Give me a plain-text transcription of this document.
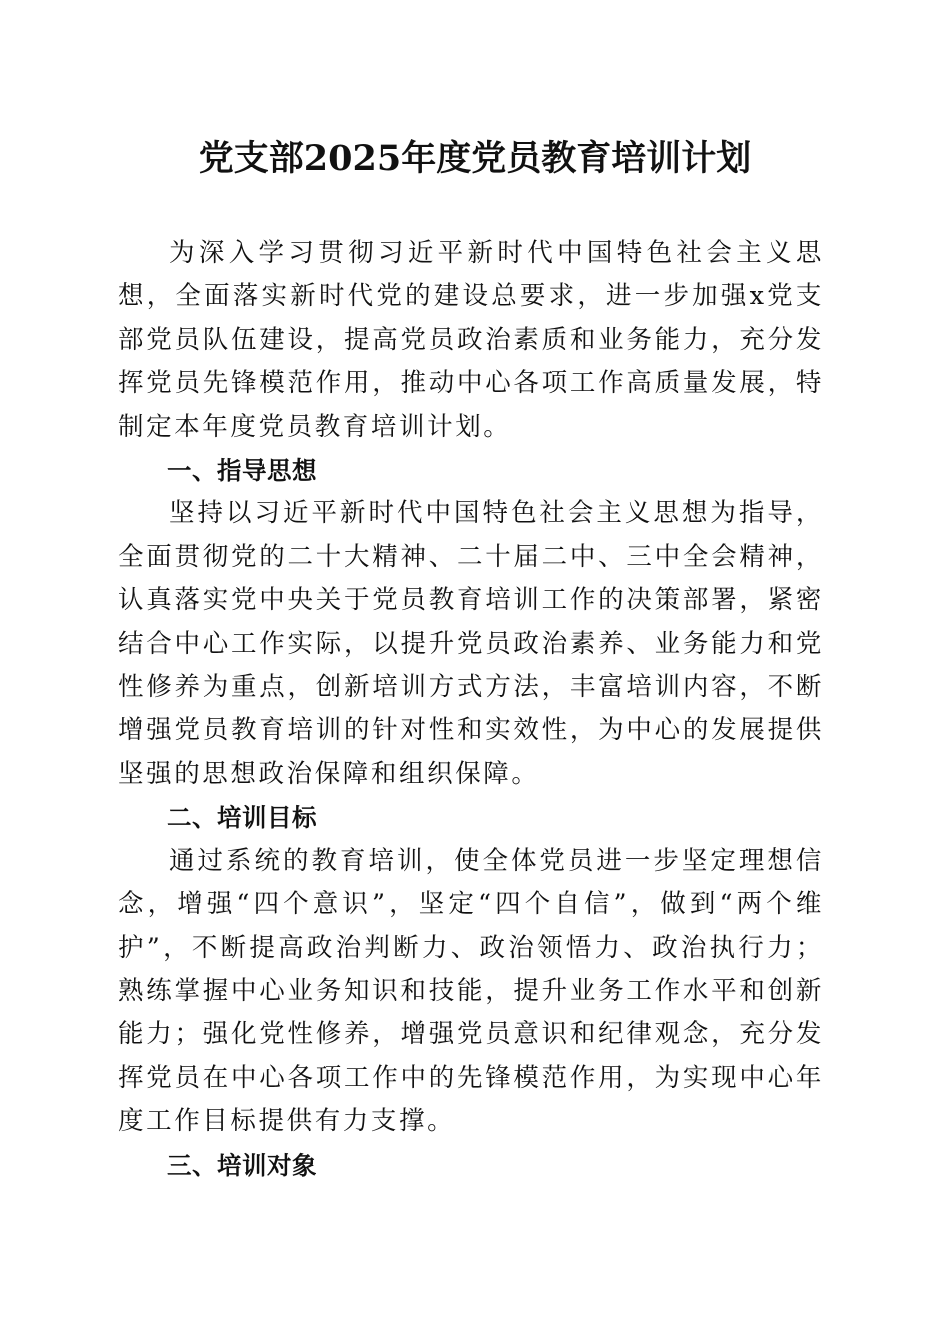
党支部2025年度党员教育培训计划

为深入学习贯彻习近平新时代中国特色社会主义思想，全面落实新时代党的建设总要求，进一步加强x党支部党员队伍建设，提高党员政治素质和业务能力，充分发挥党员先锋模范作用，推动中心各项工作高质量发展，特制定本年度党员教育培训计划。

一、指导思想

坚持以习近平新时代中国特色社会主义思想为指导，全面贯彻党的二十大精神、二十届二中、三中全会精神，认真落实党中央关于党员教育培训工作的决策部署，紧密结合中心工作实际，以提升党员政治素养、业务能力和党性修养为重点，创新培训方式方法，丰富培训内容，不断增强党员教育培训的针对性和实效性，为中心的发展提供坚强的思想政治保障和组织保障。

二、培训目标

通过系统的教育培训，使全体党员进一步坚定理想信念，增强“四个意识”，坚定“四个自信”，做到“两个维护”，不断提高政治判断力、政治领悟力、政治执行力；熟练掌握中心业务知识和技能，提升业务工作水平和创新能力；强化党性修养，增强党员意识和纪律观念，充分发挥党员在中心各项工作中的先锋模范作用，为实现中心年度工作目标提供有力支撑。

三、培训对象
